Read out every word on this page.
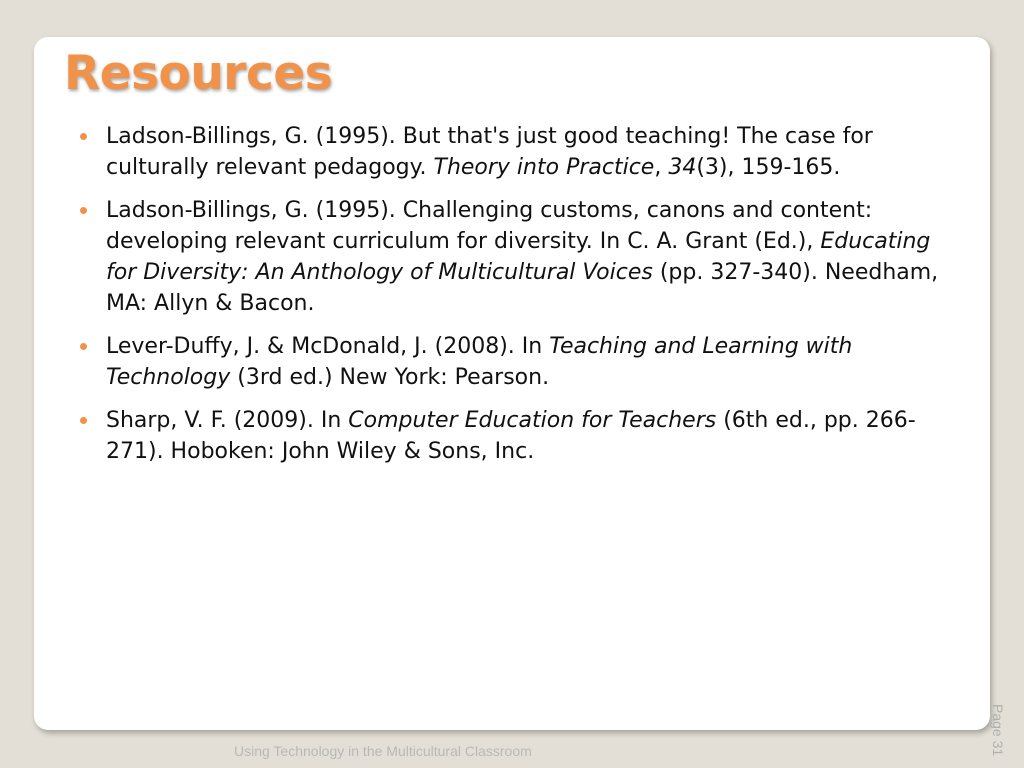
Resources
Ladson-Billings, G. (1995). But that's just good teaching! The case for culturally relevant pedagogy. Theory into Practice, 34(3), 159-165.
Ladson-Billings, G. (1995). Challenging customs, canons and content: developing relevant curriculum for diversity. In C. A. Grant (Ed.), Educating for Diversity: An Anthology of Multicultural Voices (pp. 327-340). Needham, MA: Allyn & Bacon.
Lever-Duffy, J. & McDonald, J. (2008). In Teaching and Learning with Technology (3rd ed.) New York: Pearson.
Sharp, V. F. (2009). In Computer Education for Teachers (6th ed., pp. 266-271). Hoboken: John Wiley & Sons, Inc.
Using Technology in the Multicultural Classroom	Page 31
